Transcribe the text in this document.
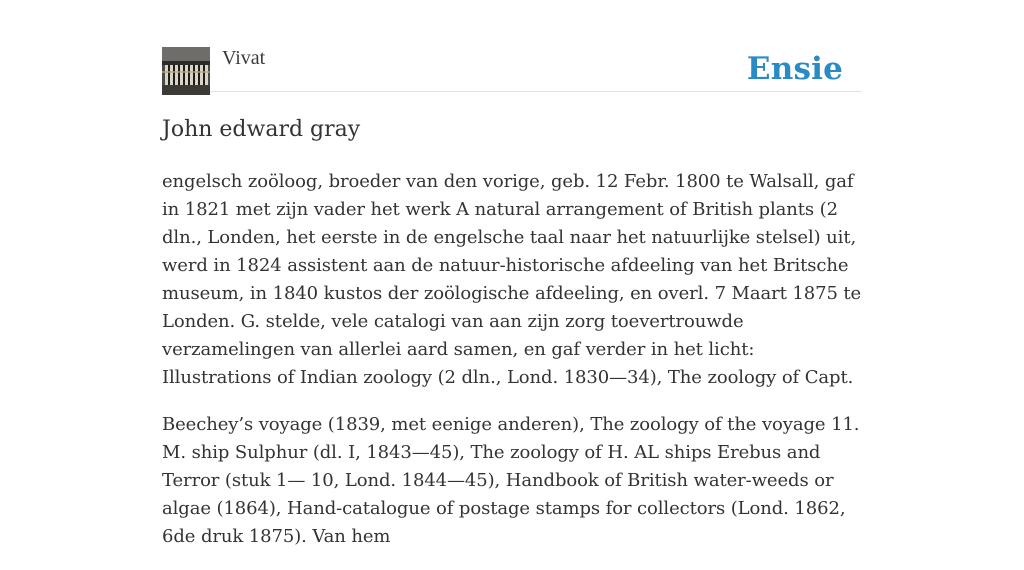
Vivat	Ensie
John edward gray

engelsch zoöloog, broeder van den vorige, geb. 12 Febr. 1800 te Walsall, gaf in 1821 met zijn vader het werk A natural arrangement of British plants (2 dln., Londen, het eerste in de engelsche taal naar het natuurlijke stelsel) uit, werd in 1824 assistent aan de natuur-historische afdeeling van het Britsche museum, in 1840 kustos der zoölogische afdeeling, en overl. 7 Maart 1875 te Londen. G. stelde, vele catalogi van aan zijn zorg toevertrouwde verzamelingen van allerlei aard samen, en gaf verder in het licht: Illustrations of Indian zoology (2 dln., Lond. 1830—34), The zoology of Capt.

Beechey’s voyage (1839, met eenige anderen), The zoology of the voyage 11. M. ship Sulphur (dl. I, 1843—45), The zoology of H. AL ships Erebus and Terror (stuk 1— 10, Lond. 1844—45), Handbook of British water-weeds or algae (1864), Hand-catalogue of postage stamps for collectors (Lond. 1862, 6de druk 1875). Van hem
